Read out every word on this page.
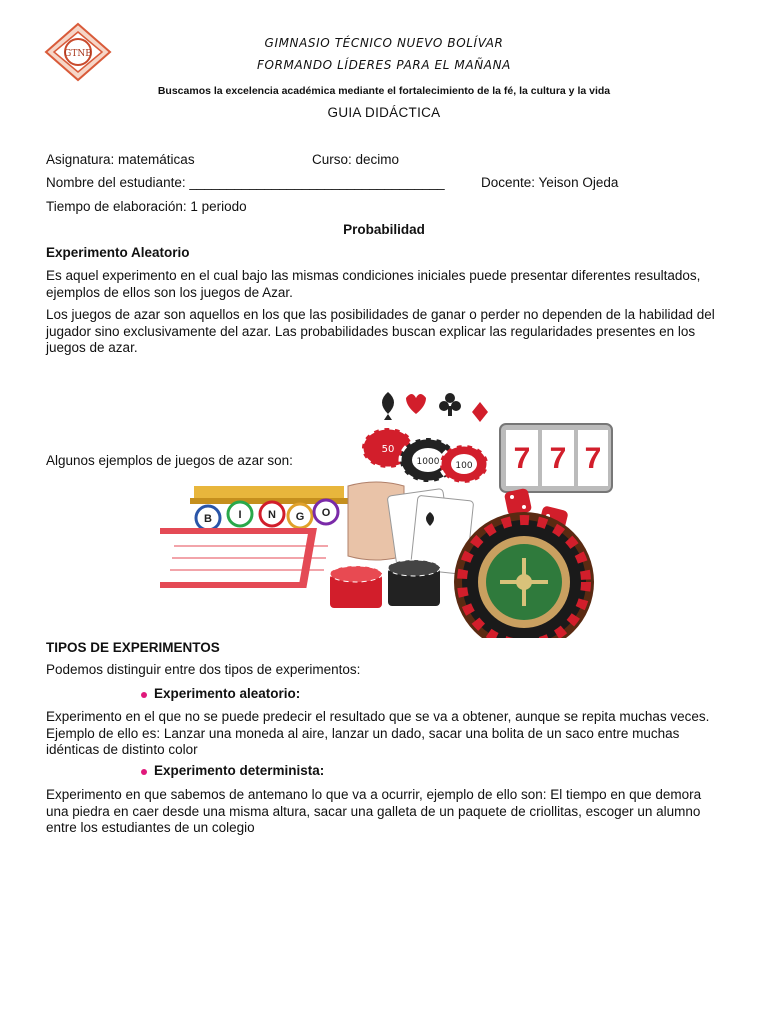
GTNB
GIMNASIO TÉCNICO NUEVO BOLÍVAR
FORMANDO LÍDERES PARA EL MAÑANA
Buscamos la excelencia académica mediante el fortalecimiento de la fé, la cultura y la vida
GUIA DIDÁCTICA
Asignatura: matemáticas	Curso: decimo
Nombre del estudiante: __________________________________	Docente: Yeison Ojeda
Tiempo de elaboración: 1 periodo
Probabilidad
Experimento Aleatorio
Es aquel experimento en el cual bajo las mismas condiciones iniciales puede presentar diferentes resultados, ejemplos de ellos son los juegos de Azar.
Los juegos de azar son aquellos en los que las posibilidades de ganar o perder no dependen de la habilidad del jugador sino exclusivamente del azar. Las probabilidades buscan explicar las regularidades presentes en los juegos de azar.
Algunos ejemplos de juegos de azar son:
50
1000 100 7 7 7
B I N G O
TIPOS DE EXPERIMENTOS
Podemos distinguir entre dos tipos de experimentos:
Experimento aleatorio:
Experimento en el que no se puede predecir el resultado que se va a obtener, aunque se repita muchas veces. Ejemplo de ello es: Lanzar una moneda al aire, lanzar un dado, sacar una bolita de un saco entre muchas idénticas de distinto color
Experimento determinista:
Experimento en que sabemos de antemano lo que va a ocurrir, ejemplo de ello son: El tiempo en que demora una piedra en caer desde una misma altura, sacar una galleta de un paquete de criollitas, escoger un alumno entre los estudiantes de un colegio
